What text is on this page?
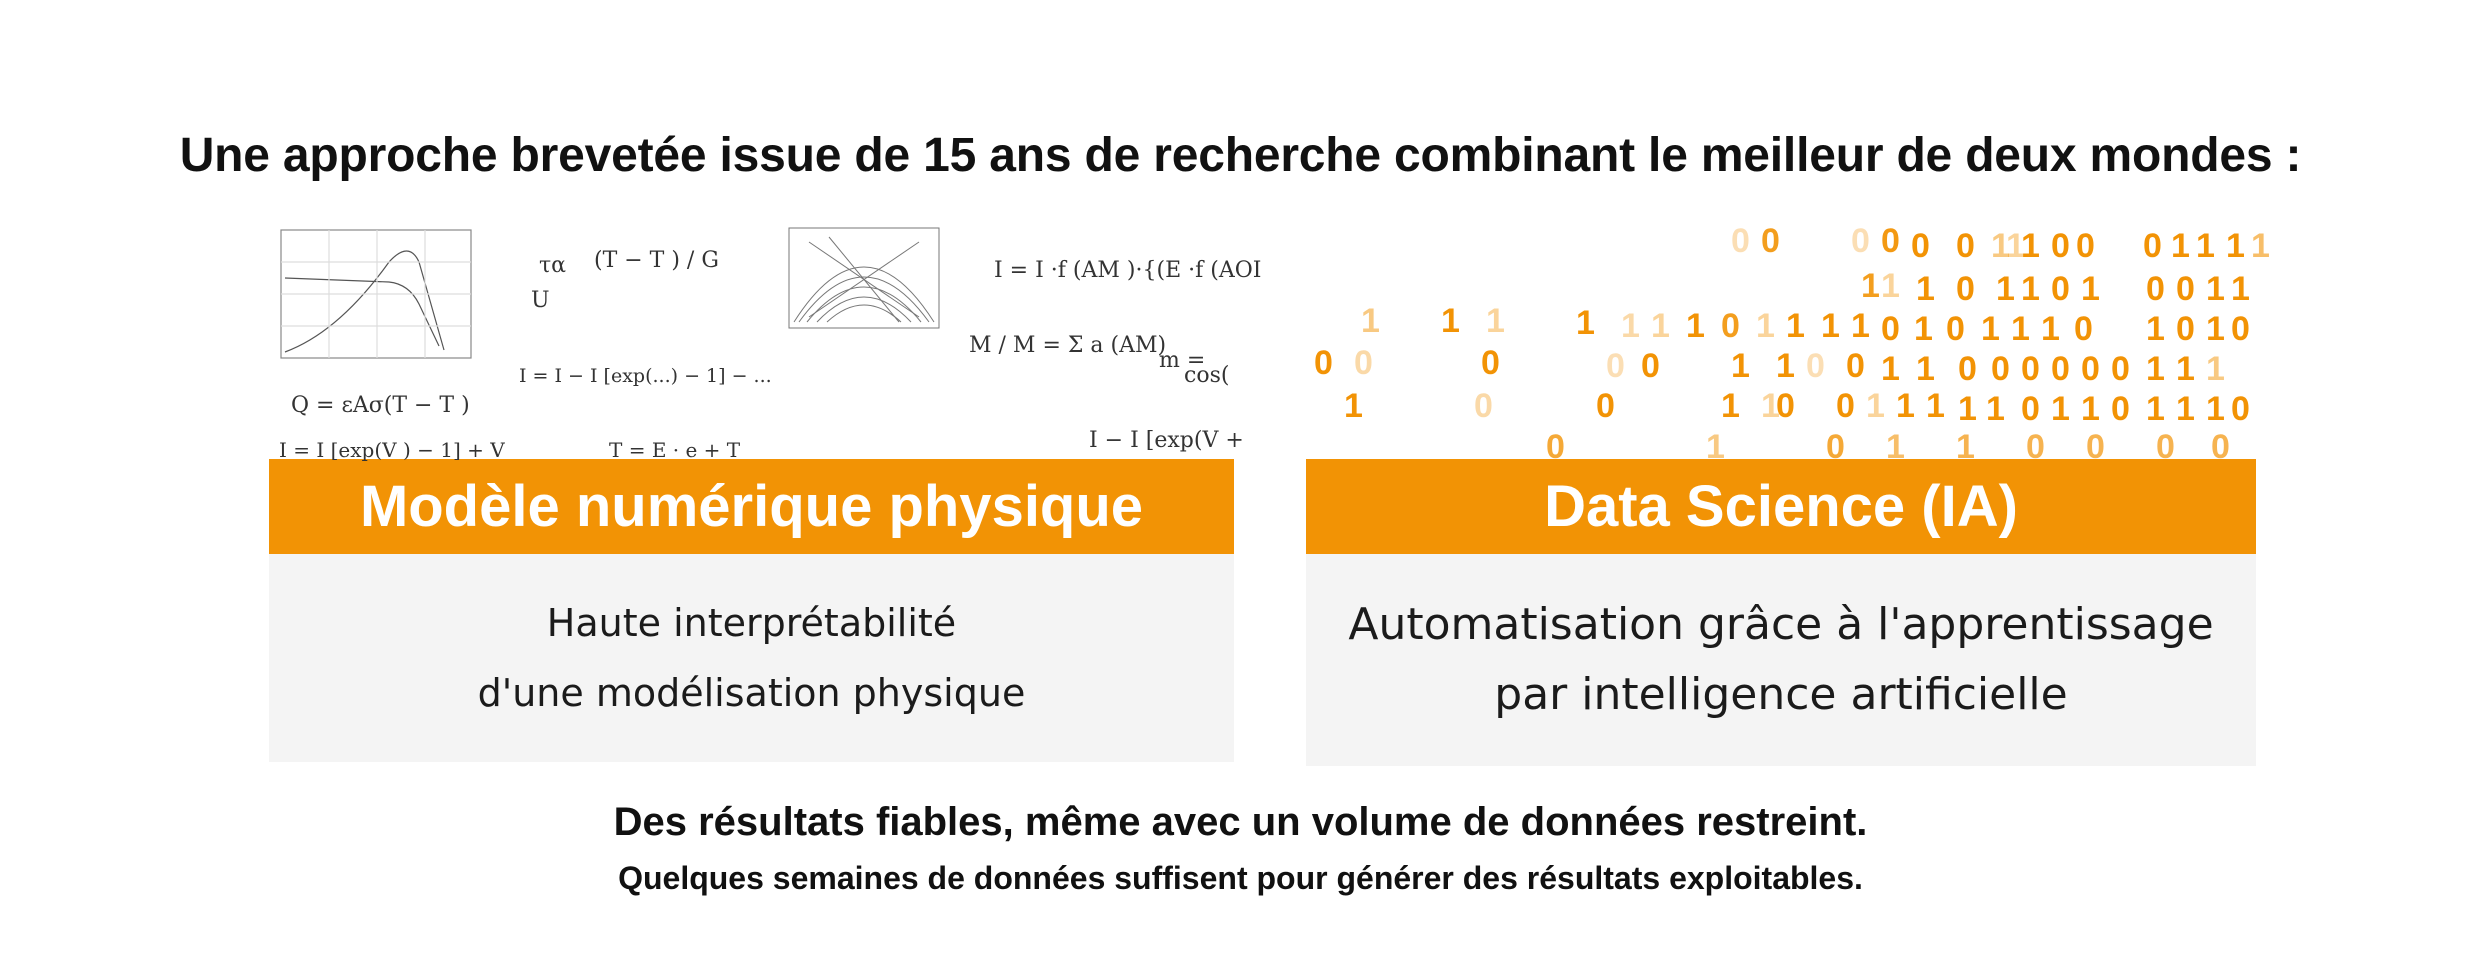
Une approche brevetée issue de 15 ans de recherche combinant le meilleur de deux mondes :
τα
U
(T − T ) / G	I = I ·f (AM )·{(E ·f (AOI
M / M = Σ a (AM)
m =
cos(
I = I − I [exp(...) − 1] − ...
Q = εAσ(T − T )
T = E · e + T	I − I [exp(V +
I = I [exp(V ) − 1] + V
Modèle numérique physique
Haute interprétabilité
d'une modélisation physique
0 0 0 0 0 0 1
1
1 0 0 0 1 1 1 1
1 1 1 0 1 1 0 1 0 0 1 1
1 1 1 1 1 1 1 0 1 1 1 1 0 1 0 1 1 1 0 1 0 1 0
0 0	0	0 0 1 1 0 0 1 1 0 0 0 0 0 0 1 1 1
1	0	0	1 1
0 0 1 1 1 1 1 0 1 1 0 1 1 1 0
0	1	0 1 1 0 0 0 0
Data Science (IA)
Automatisation grâce à l'apprentissage
par intelligence artificielle
Des résultats fiables, même avec un volume de données restreint.
Quelques semaines de données suffisent pour générer des résultats exploitables.
